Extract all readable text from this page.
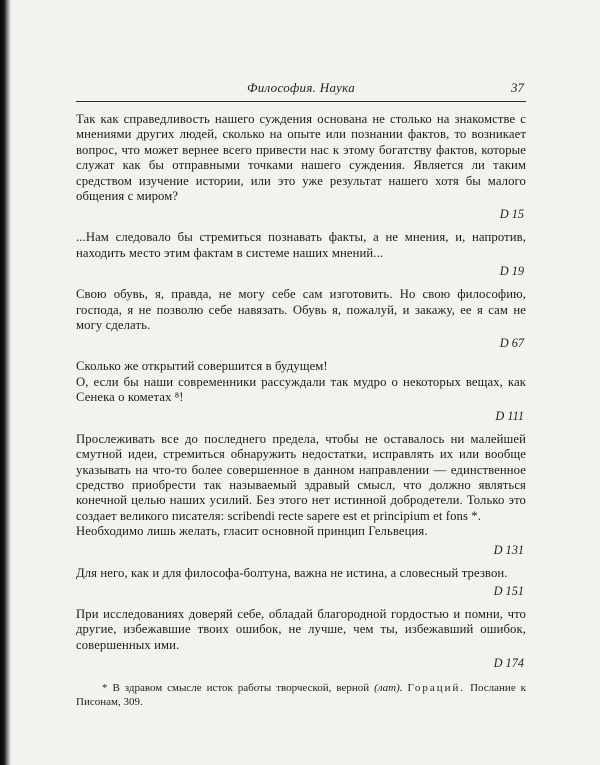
Философия. Наука	37

Так как справедливость нашего суждения основана не столько на знакомстве с мнениями других людей, сколько на опыте или познании фактов, то возникает вопрос, что может вернее всего привести нас к этому богатству фактов, которые служат как бы отправными точками нашего суждения. Является ли таким средством изучение истории, или это уже результат нашего хотя бы малого общения с миром?

D 15

...Нам следовало бы стремиться познавать факты, а не мнения, и, напротив, находить место этим фактам в системе наших мнений...

D 19

Свою обувь, я, правда, не могу себе сам изготовить. Но свою философию, господа, я не позволю себе навязать. Обувь я, пожалуй, и закажу, ее я сам не могу сделать.

D 67

Сколько же открытий совершится в будущем!

О, если бы наши современники рассуждали так мудро о некоторых вещах, как Сенека о кометах ⁸!

D 111

Прослеживать все до последнего предела, чтобы не оставалось ни малейшей смутной идеи, стремиться обнаружить недостатки, исправлять их или вообще указывать на что-то более совершенное в данном направлении — единственное средство приобрести так называемый здравый смысл, что должно являться конечной целью наших усилий. Без этого нет истинной добродетели. Только это создает великого писателя: scribendi recte sapere est et principium et fons *.

Необходимо лишь желать, гласит основной принцип Гельвеция.

D 131

Для него, как и для философа-болтуна, важна не истина, а словесный трезвон.

D 151

При исследованиях доверяй себе, обладай благородной гордостью и помни, что другие, избежавшие твоих ошибок, не лучше, чем ты, избежавший ошибок, совершенных ими.

D 174

* В здравом смысле исток работы творческой, верной (лат). Гораций. Послание к Писонам, 309.
